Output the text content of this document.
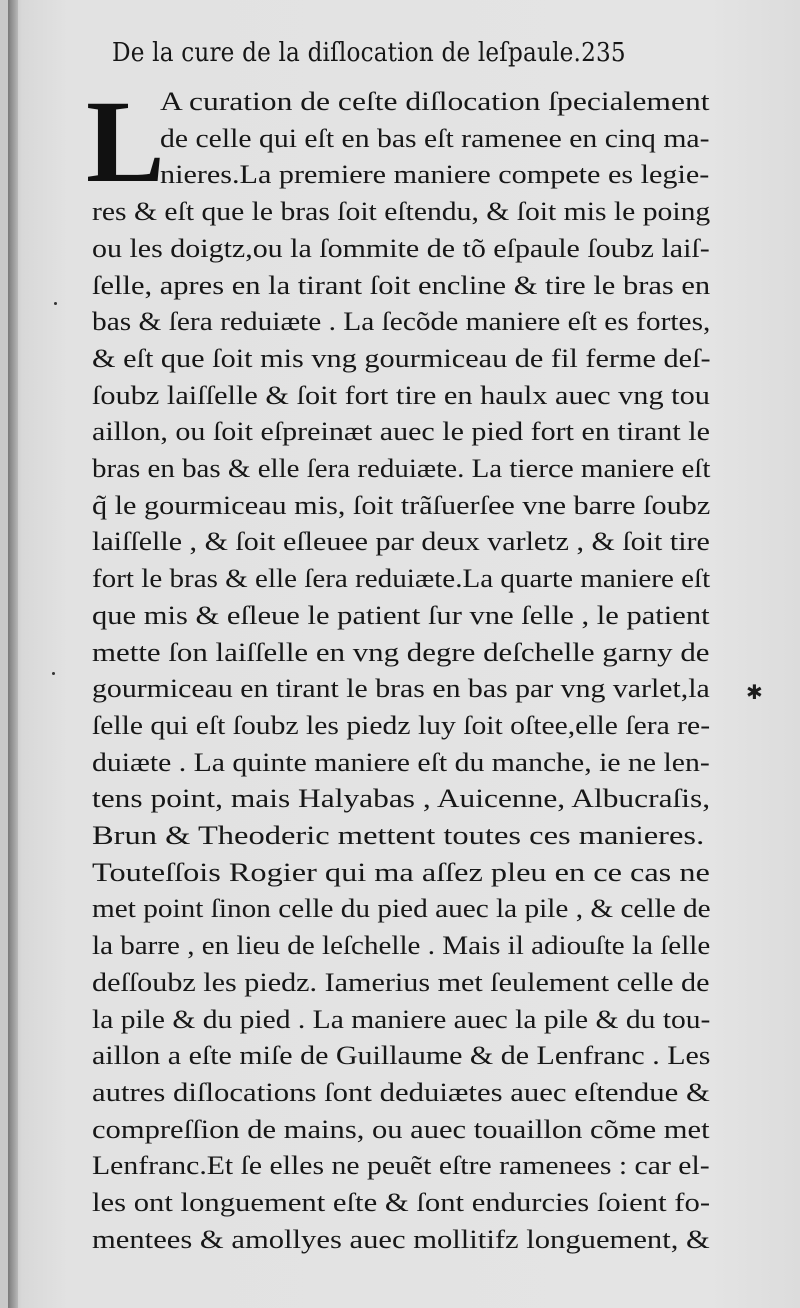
De la cure de la diſlocation de leſpaule.235
L
A curation de ceſte diſlocation ſpecialement
de celle qui eſt en bas eſt ramenee en cinq ma-
nieres.La premiere maniere compete es legie-
res & eſt que le bras ſoit eſtendu, & ſoit mis le poing
ou les doigtz,ou la ſommite de tõ eſpaule ſoubz laiſ-
ſelle, apres en la tirant ſoit encline & tire le bras en
bas & ſera reduiӕte . La ſecõde maniere eſt es fortes,
& eſt que ſoit mis vng gourmiceau de fil ferme deſ-
ſoubz laiſſelle & ſoit fort tire en haulx auec vng tou
aillon, ou ſoit eſpreinӕt auec le pied fort en tirant le
bras en bas & elle ſera reduiӕte. La tierce maniere eſt
q̃ le gourmiceau mis, ſoit trãſuerſee vne barre ſoubz
laiſſelle , & ſoit eſleuee par deux varletz , & ſoit tire
fort le bras & elle ſera reduiӕte.La quarte maniere eſt
que mis & eſleue le patient ſur vne ſelle , le patient
mette ſon laiſſelle en vng degre deſchelle garny de
gourmiceau en tirant le bras en bas par vng varlet,la
ſelle qui eſt ſoubz les piedz luy ſoit oſtee,elle ſera re-
duiӕte . La quinte maniere eſt du manche, ie ne len-
tens point, mais Halyabas , Auicenne, Albucraſis,
Brun & Theoderic mettent toutes ces manieres.
Touteſſois Rogier qui ma aſſez pleu en ce cas ne
met point ſinon celle du pied auec la pile , & celle de
la barre , en lieu de leſchelle . Mais il adiouſte la ſelle
deſſoubz les piedz. Iamerius met ſeulement celle de
la pile & du pied . La maniere auec la pile & du tou-
aillon a eſte miſe de Guillaume & de Lenfranc . Les
autres diſlocations ſont deduiӕtes auec eſtendue &
compreſſion de mains, ou auec touaillon cõme met
Lenfranc.Et ſe elles ne peuẽt eſtre ramenees : car el-
les ont longuement eſte & ſont endurcies ſoient fo-
mentees & amollyes auec mollitifz longuement, &
✱
